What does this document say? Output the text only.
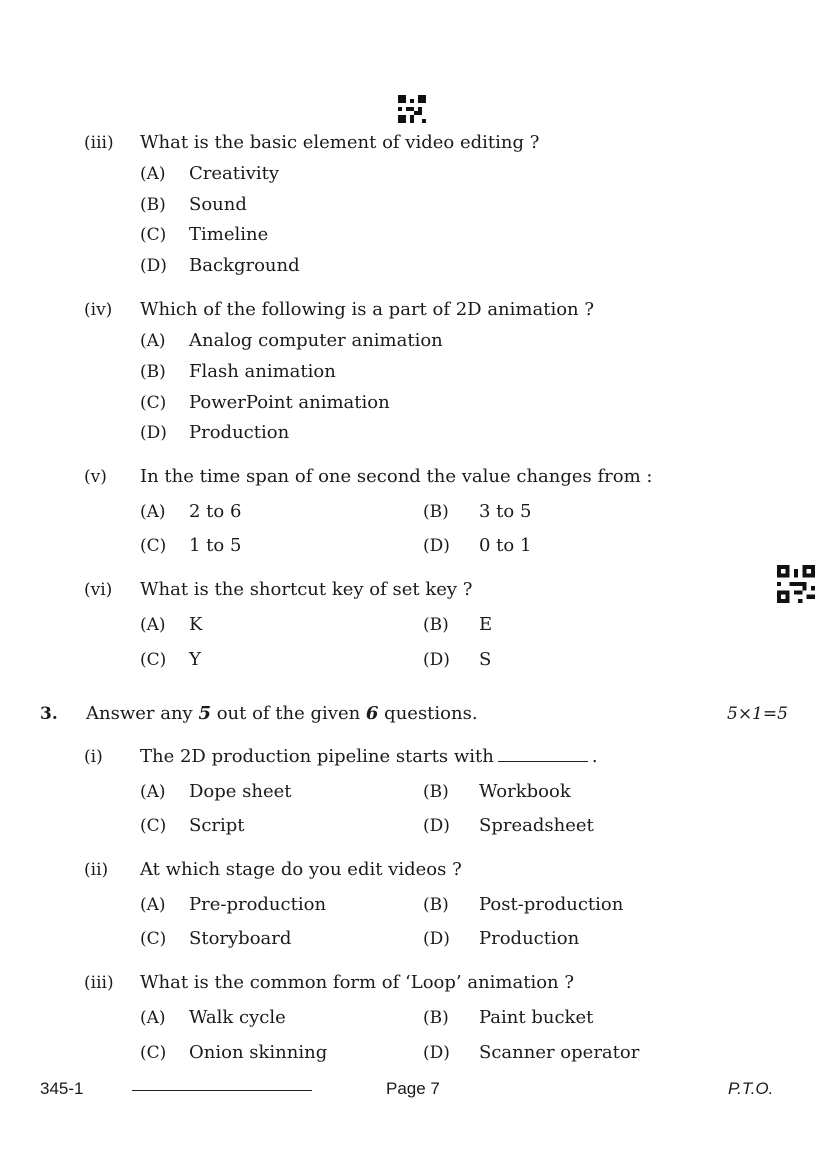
(iii) What is the basic element of video editing ?
(A) Creativity
(B) Sound
(C) Timeline
(D) Background
(iv) Which of the following is a part of 2D animation ?
(A) Analog computer animation
(B) Flash animation
(C) PowerPoint animation
(D) Production
(v) In the time span of one second the value changes from :
(A) 2 to 6	(B) 3 to 5
(C) 1 to 5	(D) 0 to 1
(vi) What is the shortcut key of set key ?
(A) K	(B) E
(C) Y	(D) S
3. Answer any 5 out of the given 6 questions.	5×1=5
(i) The 2D production pipeline starts with	.
(A) Dope sheet	(B) Workbook
(C) Script	(D) Spreadsheet
(ii) At which stage do you edit videos ?
(A) Pre-production	(B) Post-production
(C) Storyboard	(D) Production
(iii) What is the common form of ‘Loop’ animation ?
(A) Walk cycle	(B) Paint bucket
(C) Onion skinning	(D) Scanner operator
345-1	Page 7	P.T.O.
